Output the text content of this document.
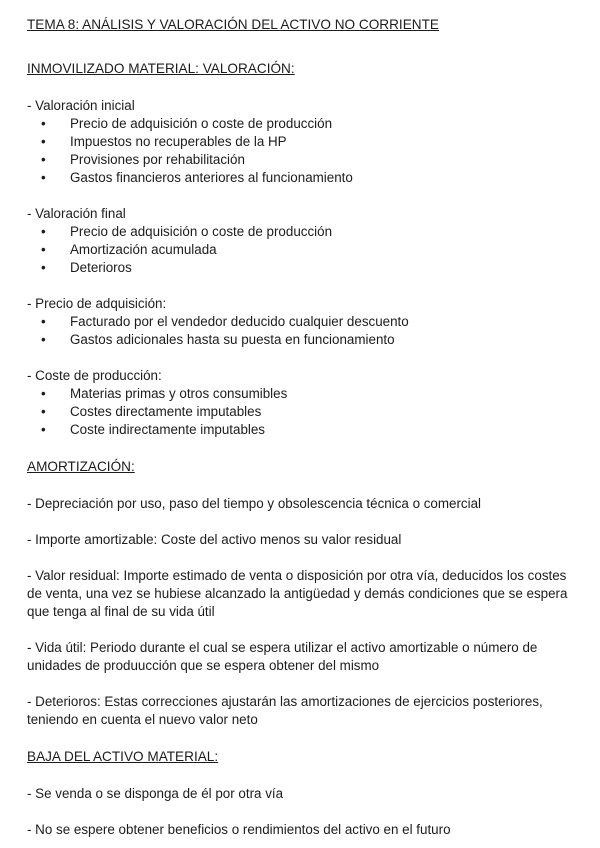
TEMA 8: ANÁLISIS Y VALORACIÓN DEL ACTIVO NO CORRIENTE
INMOVILIZADO MATERIAL: VALORACIÓN:
- Valoración inicial
• Precio de adquisición o coste de producción
• Impuestos no recuperables de la HP
• Provisiones por rehabilitación
• Gastos financieros anteriores al funcionamiento
- Valoración final
• Precio de adquisición o coste de producción
• Amortización acumulada
• Deterioros
- Precio de adquisición:
• Facturado por el vendedor deducido cualquier descuento
• Gastos adicionales hasta su puesta en funcionamiento
- Coste de producción:
• Materias primas y otros consumibles
• Costes directamente imputables
• Coste indirectamente imputables
AMORTIZACIÓN:
- Depreciación por uso, paso del tiempo y obsolescencia técnica o comercial
- Importe amortizable: Coste del activo menos su valor residual
- Valor residual: Importe estimado de venta o disposición por otra vía, deducidos los costes de venta, una vez se hubiese alcanzado la antigüedad y demás condiciones que se espera que tenga al final de su vida útil
- Vida útil: Periodo durante el cual se espera utilizar el activo amortizable o número de unidades de produucción que se espera obtener del mismo
- Deterioros: Estas correcciones ajustarán las amortizaciones de ejercicios posteriores, teniendo en cuenta el nuevo valor neto
BAJA DEL ACTIVO MATERIAL:
- Se venda o se disponga de él por otra vía
- No se espere obtener beneficios o rendimientos del activo en el futuro
